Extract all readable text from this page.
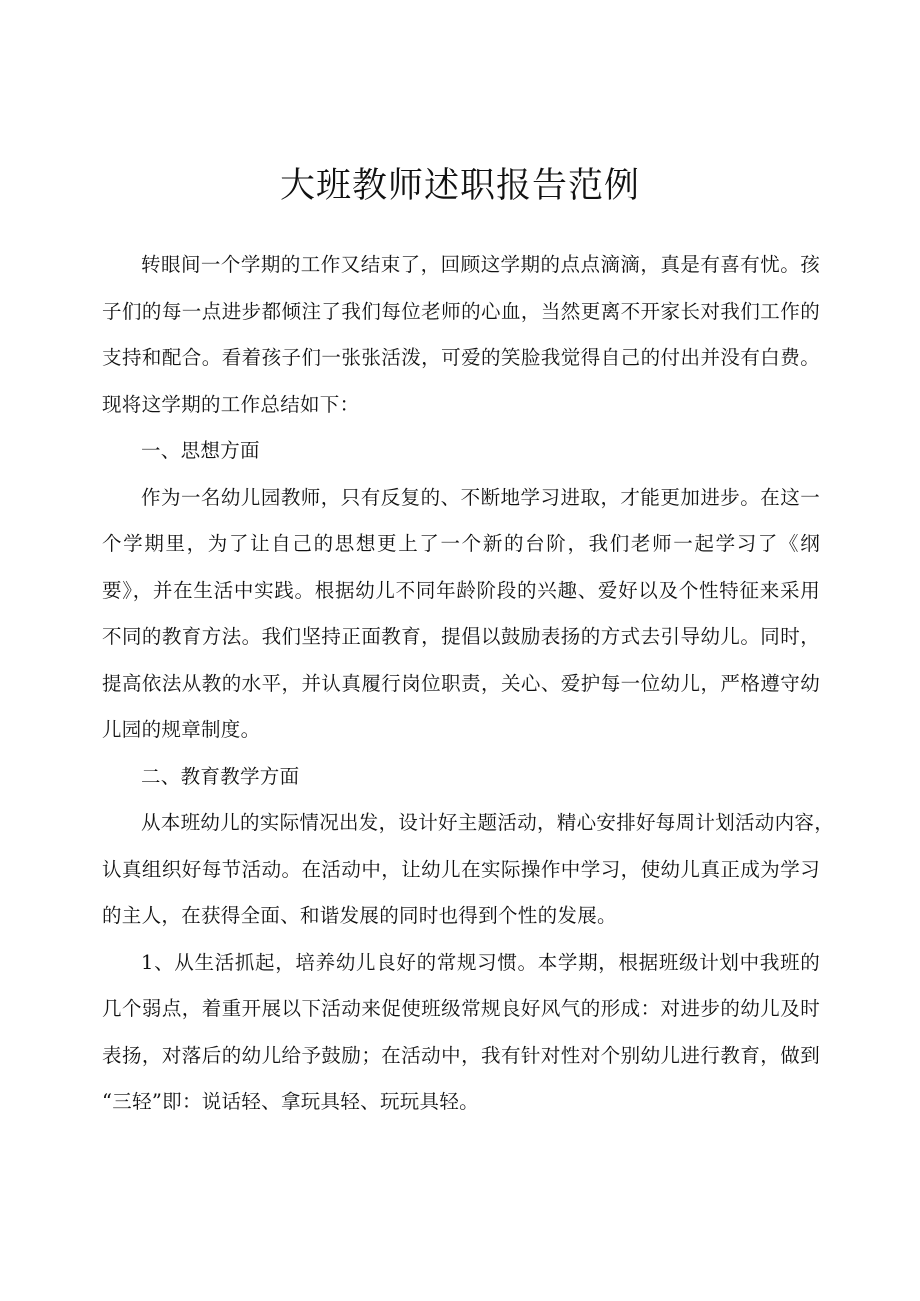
大班教师述职报告范例

转眼间一个学期的工作又结束了，回顾这学期的点点滴滴，真是有喜有忧。孩
子们的每一点进步都倾注了我们每位老师的心血，当然更离不开家长对我们工作的
支持和配合。看着孩子们一张张活泼，可爱的笑脸我觉得自己的付出并没有白费。
现将这学期的工作总结如下：

一、思想方面

作为一名幼儿园教师，只有反复的、不断地学习进取，才能更加进步。在这一
个学期里，为了让自己的思想更上了一个新的台阶，我们老师一起学习了《纲
要》，并在生活中实践。根据幼儿不同年龄阶段的兴趣、爱好以及个性特征来采用
不同的教育方法。我们坚持正面教育，提倡以鼓励表扬的方式去引导幼儿。同时，
提高依法从教的水平，并认真履行岗位职责，关心、爱护每一位幼儿，严格遵守幼
儿园的规章制度。

二、教育教学方面

从本班幼儿的实际情况出发，设计好主题活动，精心安排好每周计划活动内容，
认真组织好每节活动。在活动中，让幼儿在实际操作中学习，使幼儿真正成为学习
的主人，在获得全面、和谐发展的同时也得到个性的发展。

1、从生活抓起，培养幼儿良好的常规习惯。本学期，根据班级计划中我班的
几个弱点，着重开展以下活动来促使班级常规良好风气的形成：对进步的幼儿及时
表扬，对落后的幼儿给予鼓励；在活动中，我有针对性对个别幼儿进行教育，做到
“三轻”即：说话轻、拿玩具轻、玩玩具轻。
